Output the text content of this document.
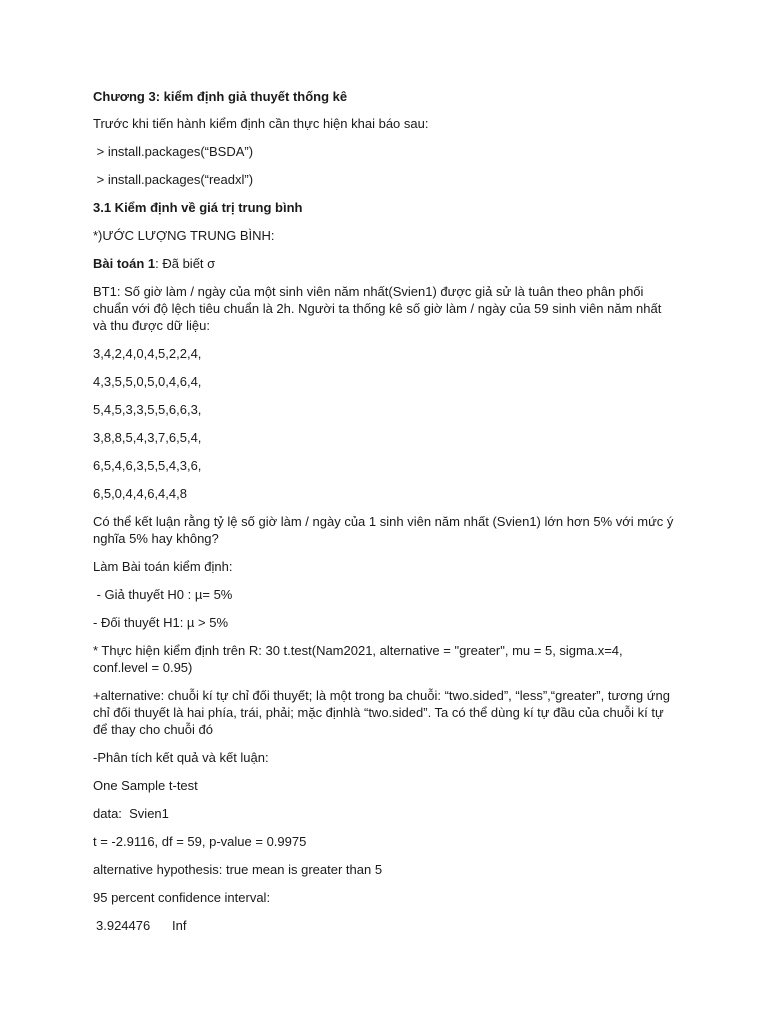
Chương 3: kiểm định giả thuyết thống kê

Trước khi tiến hành kiểm định cần thực hiện khai báo sau:

> install.packages(“BSDA”)

> install.packages(“readxl”)

3.1 Kiểm định về giá trị trung bình

*)ƯỚC LƯỢNG TRUNG BÌNH:

Bài toán 1: Đã biết σ

BT1: Số giờ làm / ngày của một sinh viên năm nhất(Svien1) được giả sử là tuân theo phân phối chuẩn với độ lệch tiêu chuẩn là 2h. Người ta thống kê số giờ làm / ngày của 59 sinh viên năm nhất và thu được dữ liệu:

3,4,2,4,0,4,5,2,2,4,

4,3,5,5,0,5,0,4,6,4,

5,4,5,3,3,5,5,6,6,3,

3,8,8,5,4,3,7,6,5,4,

6,5,4,6,3,5,5,4,3,6,

6,5,0,4,4,6,4,4,8

Có thể kết luận rằng tỷ lệ số giờ làm / ngày của 1 sinh viên năm nhất (Svien1) lớn hơn 5% với mức ý nghĩa 5% hay không?

Làm Bài toán kiểm định:

- Giả thuyết H0 : µ= 5%

- Đối thuyết H1: µ > 5%

* Thực hiện kiểm định trên R: 30 t.test(Nam2021, alternative = "greater", mu = 5, sigma.x=4, conf.level = 0.95)

+alternative: chuỗi kí tự chỉ đối thuyết; là một trong ba chuỗi: “two.sided”, “less”,“greater”, tương ứng chỉ đối thuyết là hai phía, trái, phải; mặc địnhlà “two.sided”. Ta có thể dùng kí tự đầu của chuỗi kí tự để thay cho chuỗi đó

-Phân tích kết quả và kết luận:

One Sample t-test

data:  Svien1

t = -2.9116, df = 59, p-value = 0.9975

alternative hypothesis: true mean is greater than 5

95 percent confidence interval:

3.924476 Inf
